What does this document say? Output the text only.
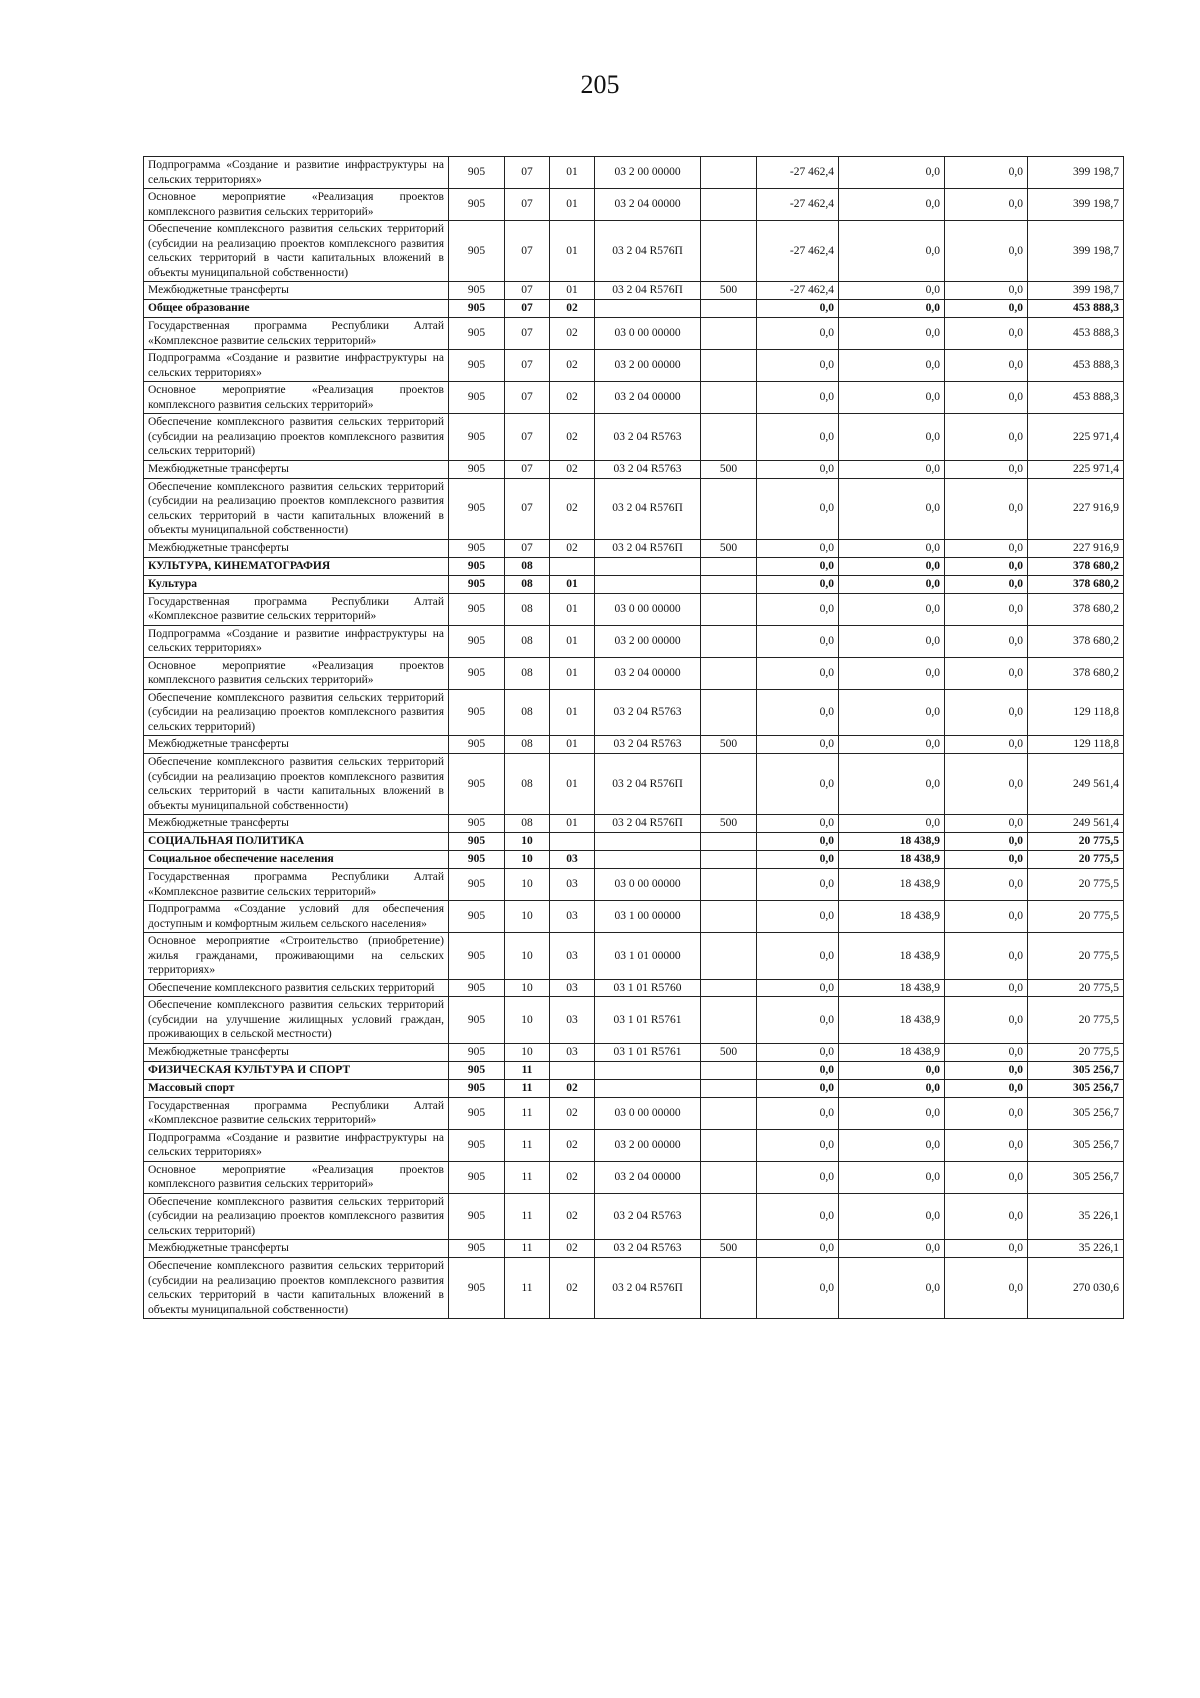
205
Подпрограмма «Создание и развитие инфраструктуры на сельских территориях»	905	07	01	03 2 00 00000		-27 462,4	0,0	0,0	399 198,7
Основное мероприятие «Реализация проектов комплексного развития сельских территорий»	905	07	01	03 2 04 00000		-27 462,4	0,0	0,0	399 198,7
Обеспечение комплексного развития сельских территорий (субсидии на реализацию проектов комплексного развития сельских территорий в части капитальных вложений в объекты муниципальной собственности)	905	07	01	03 2 04 R576П		-27 462,4	0,0	0,0	399 198,7
Межбюджетные трансферты	905	07	01	03 2 04 R576П	500	-27 462,4	0,0	0,0	399 198,7
Общее образование	905	07	02			0,0	0,0	0,0	453 888,3
Государственная программа Республики Алтай «Комплексное развитие сельских территорий»	905	07	02	03 0 00 00000		0,0	0,0	0,0	453 888,3
Подпрограмма «Создание и развитие инфраструктуры на сельских территориях»	905	07	02	03 2 00 00000		0,0	0,0	0,0	453 888,3
Основное мероприятие «Реализация проектов комплексного развития сельских территорий»	905	07	02	03 2 04 00000		0,0	0,0	0,0	453 888,3
Обеспечение комплексного развития сельских территорий (субсидии на реализацию проектов комплексного развития сельских территорий)	905	07	02	03 2 04 R5763		0,0	0,0	0,0	225 971,4
Межбюджетные трансферты	905	07	02	03 2 04 R5763	500	0,0	0,0	0,0	225 971,4
Обеспечение комплексного развития сельских территорий (субсидии на реализацию проектов комплексного развития сельских территорий в части капитальных вложений в объекты муниципальной собственности)	905	07	02	03 2 04 R576П		0,0	0,0	0,0	227 916,9
Межбюджетные трансферты	905	07	02	03 2 04 R576П	500	0,0	0,0	0,0	227 916,9
КУЛЬТУРА, КИНЕМАТОГРАФИЯ	905	08				0,0	0,0	0,0	378 680,2
Культура	905	08	01			0,0	0,0	0,0	378 680,2
Государственная программа Республики Алтай «Комплексное развитие сельских территорий»	905	08	01	03 0 00 00000		0,0	0,0	0,0	378 680,2
Подпрограмма «Создание и развитие инфраструктуры на сельских территориях»	905	08	01	03 2 00 00000		0,0	0,0	0,0	378 680,2
Основное мероприятие «Реализация проектов комплексного развития сельских территорий»	905	08	01	03 2 04 00000		0,0	0,0	0,0	378 680,2
Обеспечение комплексного развития сельских территорий (субсидии на реализацию проектов комплексного развития сельских территорий)	905	08	01	03 2 04 R5763		0,0	0,0	0,0	129 118,8
Межбюджетные трансферты	905	08	01	03 2 04 R5763	500	0,0	0,0	0,0	129 118,8
Обеспечение комплексного развития сельских территорий (субсидии на реализацию проектов комплексного развития сельских территорий в части капитальных вложений в объекты муниципальной собственности)	905	08	01	03 2 04 R576П		0,0	0,0	0,0	249 561,4
Межбюджетные трансферты	905	08	01	03 2 04 R576П	500	0,0	0,0	0,0	249 561,4
СОЦИАЛЬНАЯ ПОЛИТИКА	905	10				0,0	18 438,9	0,0	20 775,5
Социальное обеспечение населения	905	10	03			0,0	18 438,9	0,0	20 775,5
Государственная программа Республики Алтай «Комплексное развитие сельских территорий»	905	10	03	03 0 00 00000		0,0	18 438,9	0,0	20 775,5
Подпрограмма «Создание условий для обеспечения доступным и комфортным жильем сельского населения»	905	10	03	03 1 00 00000		0,0	18 438,9	0,0	20 775,5
Основное мероприятие «Строительство (приобретение) жилья гражданами, проживающими на сельских территориях»	905	10	03	03 1 01 00000		0,0	18 438,9	0,0	20 775,5
Обеспечение комплексного развития сельских территорий	905	10	03	03 1 01 R5760		0,0	18 438,9	0,0	20 775,5
Обеспечение комплексного развития сельских территорий (субсидии на улучшение жилищных условий граждан, проживающих в сельской местности)	905	10	03	03 1 01 R5761		0,0	18 438,9	0,0	20 775,5
Межбюджетные трансферты	905	10	03	03 1 01 R5761	500	0,0	18 438,9	0,0	20 775,5
ФИЗИЧЕСКАЯ КУЛЬТУРА И СПОРТ	905	11				0,0	0,0	0,0	305 256,7
Массовый спорт	905	11	02			0,0	0,0	0,0	305 256,7
Государственная программа Республики Алтай «Комплексное развитие сельских территорий»	905	11	02	03 0 00 00000		0,0	0,0	0,0	305 256,7
Подпрограмма «Создание и развитие инфраструктуры на сельских территориях»	905	11	02	03 2 00 00000		0,0	0,0	0,0	305 256,7
Основное мероприятие «Реализация проектов комплексного развития сельских территорий»	905	11	02	03 2 04 00000		0,0	0,0	0,0	305 256,7
Обеспечение комплексного развития сельских территорий (субсидии на реализацию проектов комплексного развития сельских территорий)	905	11	02	03 2 04 R5763		0,0	0,0	0,0	35 226,1
Межбюджетные трансферты	905	11	02	03 2 04 R5763	500	0,0	0,0	0,0	35 226,1
Обеспечение комплексного развития сельских территорий (субсидии на реализацию проектов комплексного развития сельских территорий в части капитальных вложений в объекты муниципальной собственности)	905	11	02	03 2 04 R576П		0,0	0,0	0,0	270 030,6
